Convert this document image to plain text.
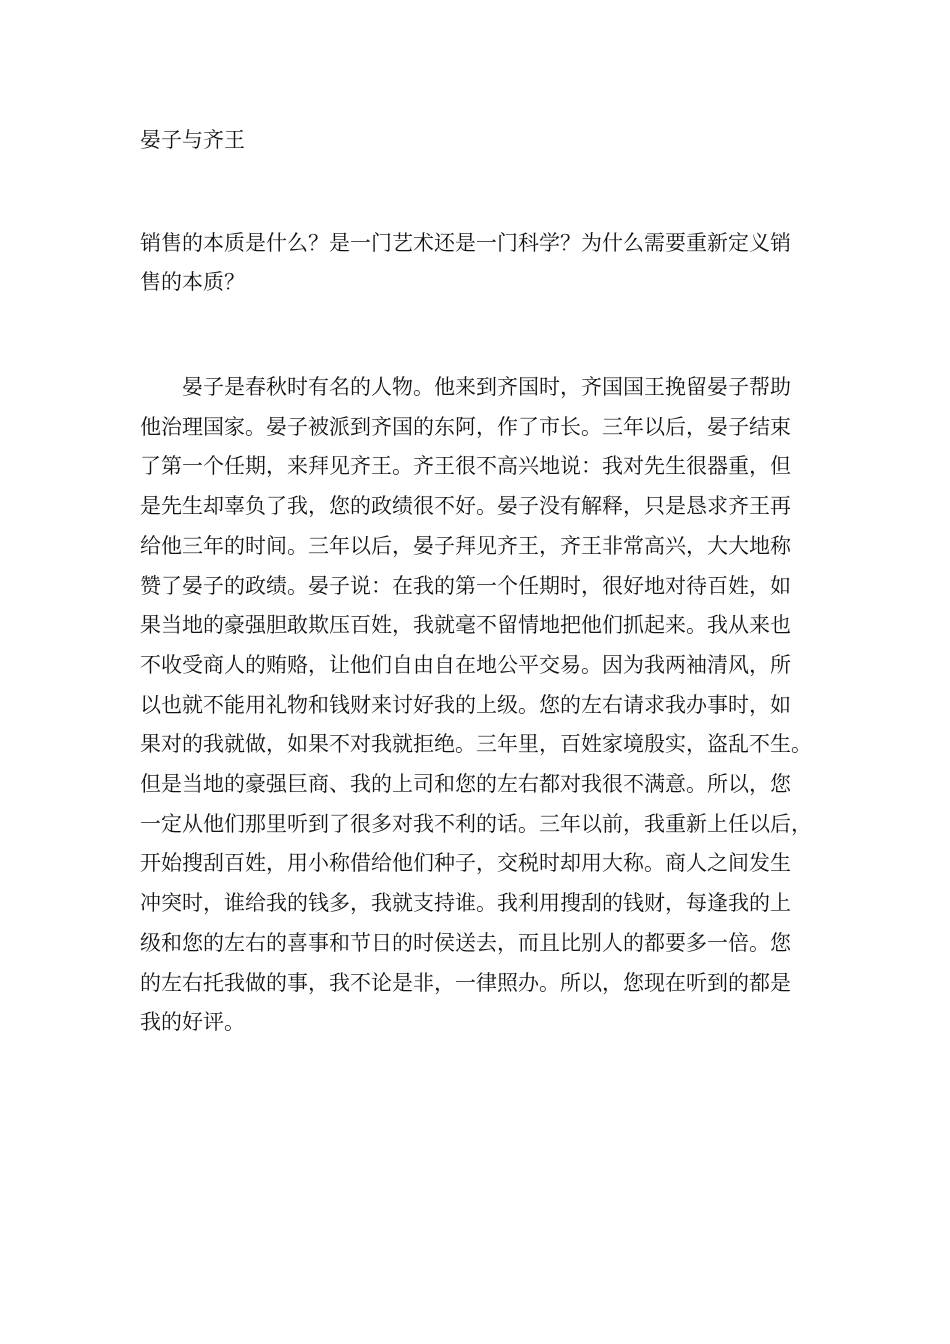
晏子与齐王

销售的本质是什么？是一门艺术还是一门科学？为什么需要重新定义销
售的本质？

晏子是春秋时有名的人物。他来到齐国时，齐国国王挽留晏子帮助
他治理国家。晏子被派到齐国的东阿，作了市长。三年以后，晏子结束
了第一个任期，来拜见齐王。齐王很不高兴地说：我对先生很器重，但
是先生却辜负了我，您的政绩很不好。晏子没有解释，只是恳求齐王再
给他三年的时间。三年以后，晏子拜见齐王，齐王非常高兴，大大地称
赞了晏子的政绩。晏子说：在我的第一个任期时，很好地对待百姓，如
果当地的豪强胆敢欺压百姓，我就毫不留情地把他们抓起来。我从来也
不收受商人的贿赂，让他们自由自在地公平交易。因为我两袖清风，所
以也就不能用礼物和钱财来讨好我的上级。您的左右请求我办事时，如
果对的我就做，如果不对我就拒绝。三年里，百姓家境殷实，盗乱不生。
但是当地的豪强巨商、我的上司和您的左右都对我很不满意。所以，您
一定从他们那里听到了很多对我不利的话。三年以前，我重新上任以后，
开始搜刮百姓，用小称借给他们种子，交税时却用大称。商人之间发生
冲突时，谁给我的钱多，我就支持谁。我利用搜刮的钱财，每逢我的上
级和您的左右的喜事和节日的时侯送去，而且比别人的都要多一倍。您
的左右托我做的事，我不论是非，一律照办。所以，您现在听到的都是
我的好评。
